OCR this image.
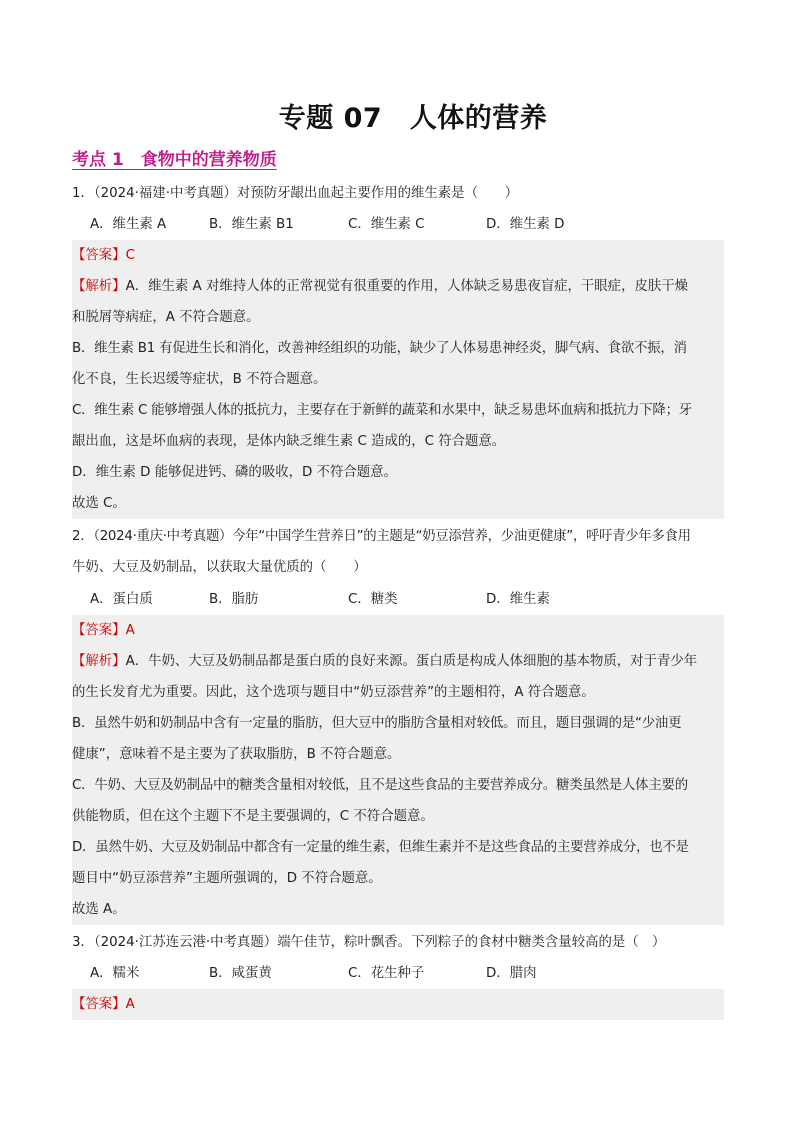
专题 07　人体的营养
考点 1　食物中的营养物质
1．（2024·福建·中考真题）对预防牙龈出血起主要作用的维生素是（　　）
A．维生素 A	B．维生素 B1	C．维生素 C	D．维生素 D
【答案】C
【解析】A．维生素 A 对维持人体的正常视觉有很重要的作用，人体缺乏易患夜盲症，干眼症，皮肤干燥
和脱屑等病症，A 不符合题意。
B．维生素 B1 有促进生长和消化，改善神经组织的功能，缺少了人体易患神经炎，脚气病、食欲不振，消
化不良，生长迟缓等症状，B 不符合题意。
C．维生素 C 能够增强人体的抵抗力，主要存在于新鲜的蔬菜和水果中，缺乏易患坏血病和抵抗力下降；牙
龈出血，这是坏血病的表现，是体内缺乏维生素 C 造成的，C 符合题意。
D．维生素 D 能够促进钙、磷的吸收，D 不符合题意。
故选 C。
2．（2024·重庆·中考真题）今年“中国学生营养日”的主题是“奶豆添营养，少油更健康”，呼吁青少年多食用
牛奶、大豆及奶制品，以获取大量优质的（　　）
A．蛋白质	B．脂肪	C．糖类	D．维生素
【答案】A
【解析】A．牛奶、大豆及奶制品都是蛋白质的良好来源。蛋白质是构成人体细胞的基本物质，对于青少年
的生长发育尤为重要。因此，这个选项与题目中“奶豆添营养”的主题相符，A 符合题意。
B．虽然牛奶和奶制品中含有一定量的脂肪，但大豆中的脂肪含量相对较低。而且，题目强调的是“少油更
健康”，意味着不是主要为了获取脂肪，B 不符合题意。
C．牛奶、大豆及奶制品中的糖类含量相对较低，且不是这些食品的主要营养成分。糖类虽然是人体主要的
供能物质，但在这个主题下不是主要强调的，C 不符合题意。
D．虽然牛奶、大豆及奶制品中都含有一定量的维生素，但维生素并不是这些食品的主要营养成分，也不是
题目中“奶豆添营养”主题所强调的，D 不符合题意。
故选 A。
3．（2024·江苏连云港·中考真题）端午佳节，粽叶飘香。下列粽子的食材中糖类含量较高的是（　）
A．糯米	B．咸蛋黄	C．花生种子	D．腊肉
【答案】A
